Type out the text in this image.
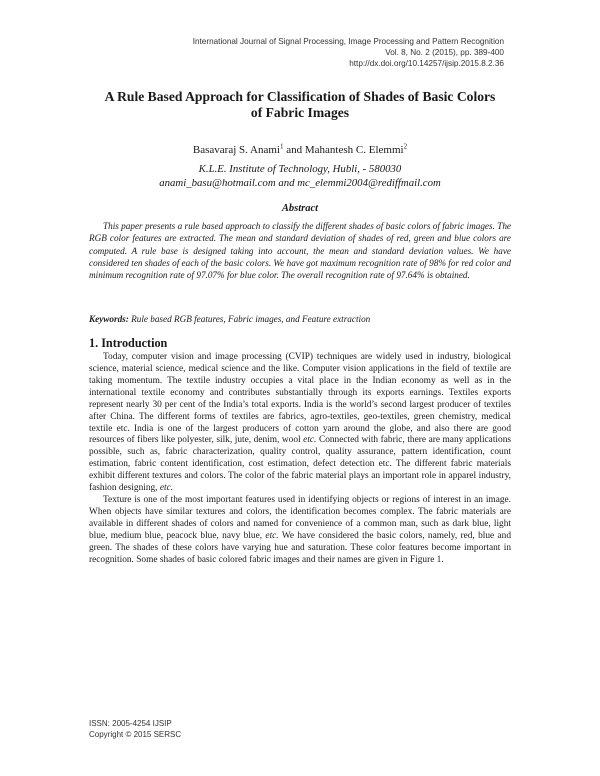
International Journal of Signal Processing, Image Processing and Pattern Recognition
Vol. 8, No. 2 (2015), pp. 389-400
http://dx.doi.org/10.14257/ijsip.2015.8.2.36
A Rule Based Approach for Classification of Shades of Basic Colors
of Fabric Images
Basavaraj S. Anami$^1$ and Mahantesh C. Elemmi$^2$
K.L.E. Institute of Technology, Hubli, - 580030
anami_basu@hotmail.com and mc_elemmi2004@rediffmail.com
Abstract
This paper presents a rule based approach to classify the different shades of basic colors of fabric images. The RGB color features are extracted. The mean and standard deviation of shades of red, green and blue colors are computed. A rule base is designed taking into account, the mean and standard deviation values. We have considered ten shades of each of the basic colors. We have got maximum recognition rate of 98% for red color and minimum recognition rate of 97.07% for blue color. The overall recognition rate of 97.64% is obtained.
Keywords: Rule based RGB features, Fabric images, and Feature extraction
1. Introduction

Today, computer vision and image processing (CVIP) techniques are widely used in industry, biological science, material science, medical science and the like. Computer vision applications in the field of textile are taking momentum. The textile industry occupies a vital place in the Indian economy as well as in the international textile economy and contributes substantially through its exports earnings. Textiles exports represent nearly 30 per cent of the India’s total exports. India is the world’s second largest producer of textiles after China. The different forms of textiles are fabrics, agro-textiles, geo-textiles, green chemistry, medical textile etc. India is one of the largest producers of cotton yarn around the globe, and also there are good resources of fibers like polyester, silk, jute, denim, wool etc. Connected with fabric, there are many applications possible, such as, fabric characterization, quality control, quality assurance, pattern identification, count estimation, fabric content identification, cost estimation, defect detection etc. The different fabric materials exhibit different textures and colors. The color of the fabric material plays an important role in apparel industry, fashion designing, etc.

Texture is one of the most important features used in identifying objects or regions of interest in an image. When objects have similar textures and colors, the identification becomes complex. The fabric materials are available in different shades of colors and named for convenience of a common man, such as dark blue, light blue, medium blue, peacock blue, navy blue, etc. We have considered the basic colors, namely, red, blue and green. The shades of these colors have varying hue and saturation. These color features become important in recognition. Some shades of basic colored fabric images and their names are given in Figure 1.

ISSN: 2005-4254 IJSIP
Copyright © 2015 SERSC
